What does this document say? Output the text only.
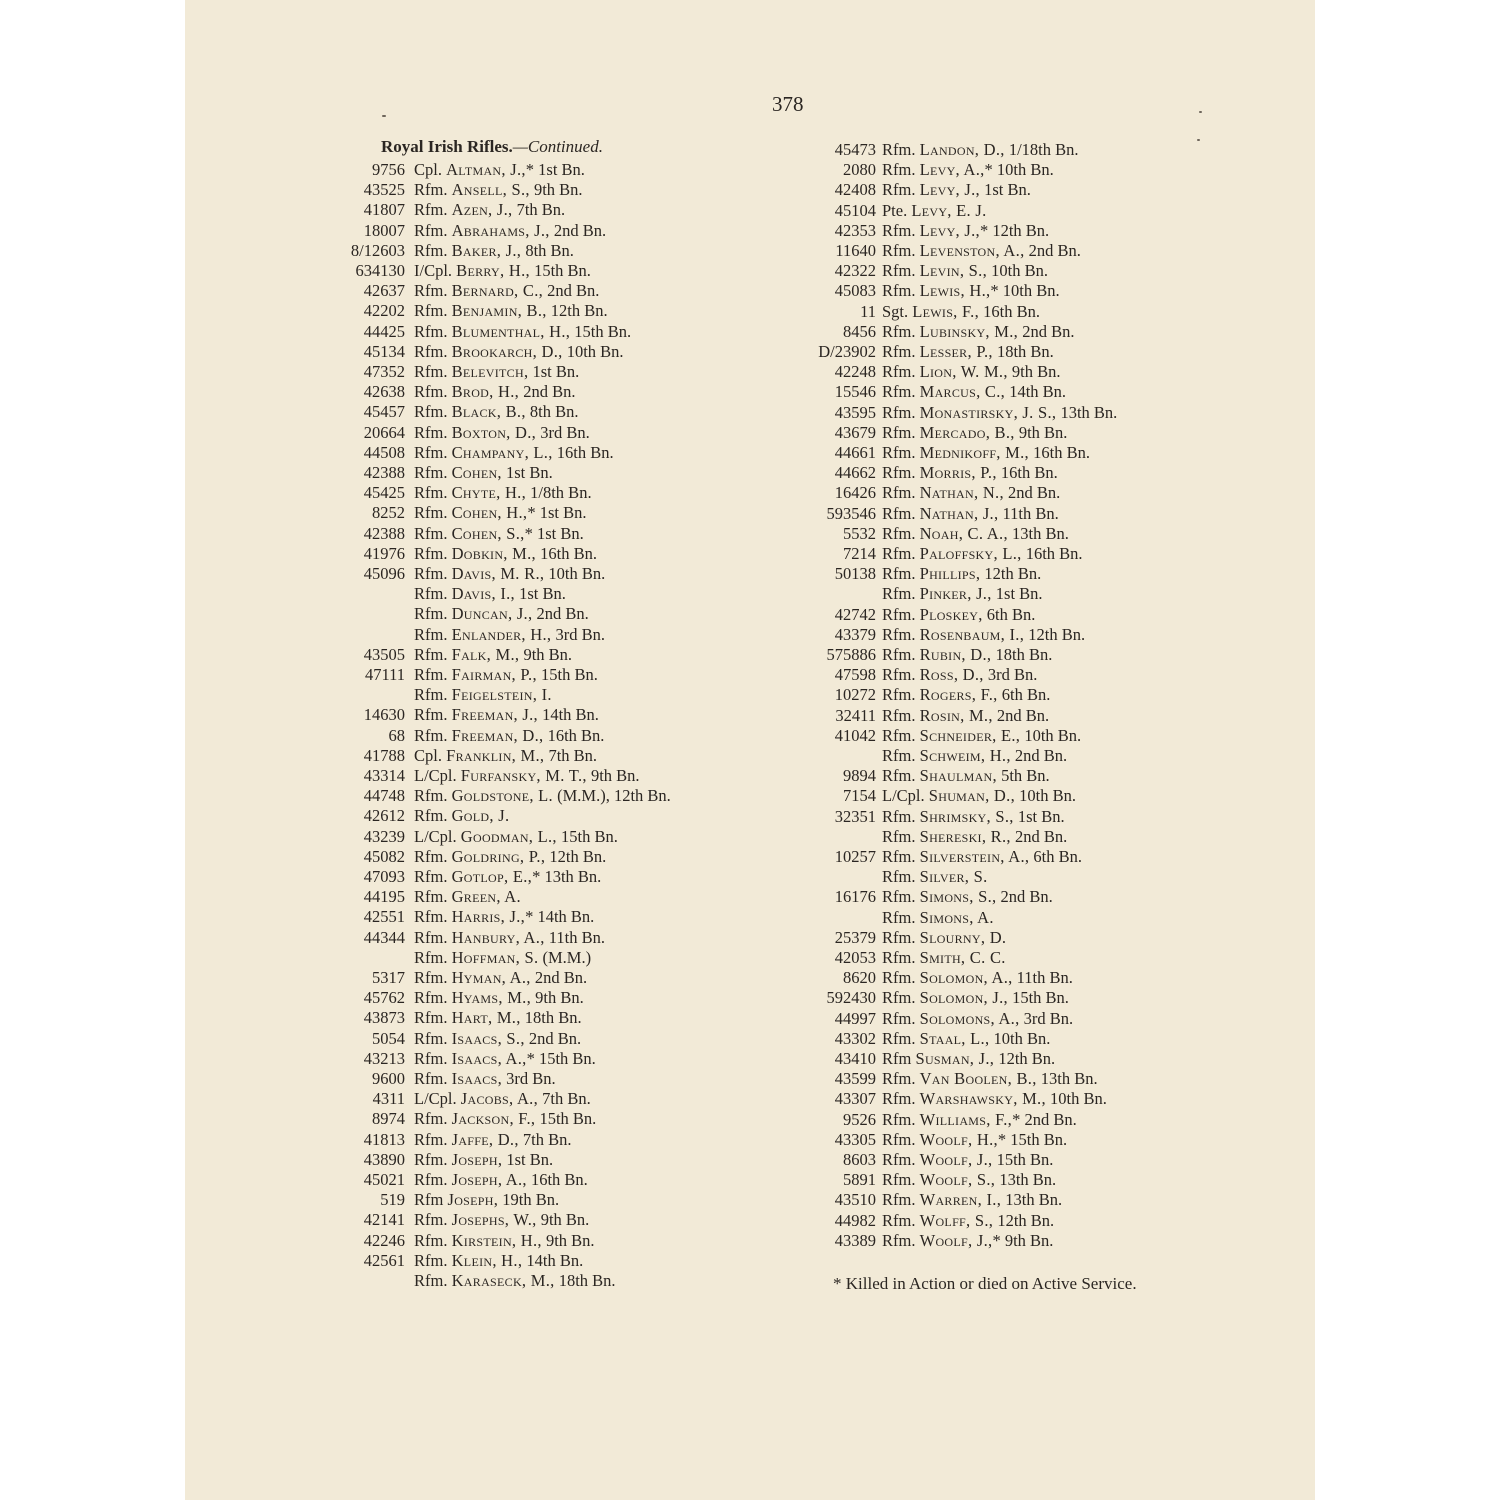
378
Royal Irish Rifles.—Continued.
9756 Cpl. Altman, J.,* 1st Bn.
43525 Rfm. Ansell, S., 9th Bn.
41807 Rfm. Azen, J., 7th Bn.
18007 Rfm. Abrahams, J., 2nd Bn.
8/12603 Rfm. Baker, J., 8th Bn.
634130 I/Cpl. Berry, H., 15th Bn.
42637 Rfm. Bernard, C., 2nd Bn.
42202 Rfm. Benjamin, B., 12th Bn.
44425 Rfm. Blumenthal, H., 15th Bn.
45134 Rfm. Brookarch, D., 10th Bn.
47352 Rfm. Belevitch, 1st Bn.
42638 Rfm. Brod, H., 2nd Bn.
45457 Rfm. Black, B., 8th Bn.
20664 Rfm. Boxton, D., 3rd Bn.
44508 Rfm. Champany, L., 16th Bn.
42388 Rfm. Cohen, 1st Bn.
45425 Rfm. Chyte, H., 1/8th Bn.
8252 Rfm. Cohen, H.,* 1st Bn.
42388 Rfm. Cohen, S.,* 1st Bn.
41976 Rfm. Dobkin, M., 16th Bn.
45096 Rfm. Davis, M. R., 10th Bn.
Rfm. Davis, I., 1st Bn.
Rfm. Duncan, J., 2nd Bn.
Rfm. Enlander, H., 3rd Bn.
43505 Rfm. Falk, M., 9th Bn.
47111 Rfm. Fairman, P., 15th Bn.
Rfm. Feigelstein, I.
14630 Rfm. Freeman, J., 14th Bn.
68 Rfm. Freeman, D., 16th Bn.
41788 Cpl. Franklin, M., 7th Bn.
43314 L/Cpl. Furfansky, M. T., 9th Bn.
44748 Rfm. Goldstone, L. (M.M.), 12th Bn.
42612 Rfm. Gold, J.
43239 L/Cpl. Goodman, L., 15th Bn.
45082 Rfm. Goldring, P., 12th Bn.
47093 Rfm. Gotlop, E.,* 13th Bn.
44195 Rfm. Green, A.
42551 Rfm. Harris, J.,* 14th Bn.
44344 Rfm. Hanbury, A., 11th Bn.
Rfm. Hoffman, S. (M.M.)
5317 Rfm. Hyman, A., 2nd Bn.
45762 Rfm. Hyams, M., 9th Bn.
43873 Rfm. Hart, M., 18th Bn.
5054 Rfm. Isaacs, S., 2nd Bn.
43213 Rfm. Isaacs, A.,* 15th Bn.
9600 Rfm. Isaacs, 3rd Bn.
4311 L/Cpl. Jacobs, A., 7th Bn.
8974 Rfm. Jackson, F., 15th Bn.
41813 Rfm. Jaffe, D., 7th Bn.
43890 Rfm. Joseph, 1st Bn.
45021 Rfm. Joseph, A., 16th Bn.
519 Rfm Joseph, 19th Bn.
42141 Rfm. Josephs, W., 9th Bn.
42246 Rfm. Kirstein, H., 9th Bn.
42561 Rfm. Klein, H., 14th Bn.
Rfm. Karaseck, M., 18th Bn.
45473 Rfm. Landon, D., 1/18th Bn.
2080 Rfm. Levy, A.,* 10th Bn.
42408 Rfm. Levy, J., 1st Bn.
45104 Pte. Levy, E. J.
42353 Rfm. Levy, J.,* 12th Bn.
11640 Rfm. Levenston, A., 2nd Bn.
42322 Rfm. Levin, S., 10th Bn.
45083 Rfm. Lewis, H.,* 10th Bn.
11 Sgt. Lewis, F., 16th Bn.
8456 Rfm. Lubinsky, M., 2nd Bn.
D/23902 Rfm. Lesser, P., 18th Bn.
42248 Rfm. Lion, W. M., 9th Bn.
15546 Rfm. Marcus, C., 14th Bn.
43595 Rfm. Monastirsky, J. S., 13th Bn.
43679 Rfm. Mercado, B., 9th Bn.
44661 Rfm. Mednikoff, M., 16th Bn.
44662 Rfm. Morris, P., 16th Bn.
16426 Rfm. Nathan, N., 2nd Bn.
593546 Rfm. Nathan, J., 11th Bn.
5532 Rfm. Noah, C. A., 13th Bn.
7214 Rfm. Paloffsky, L., 16th Bn.
50138 Rfm. Phillips, 12th Bn.
Rfm. Pinker, J., 1st Bn.
42742 Rfm. Ploskey, 6th Bn.
43379 Rfm. Rosenbaum, I., 12th Bn.
575886 Rfm. Rubin, D., 18th Bn.
47598 Rfm. Ross, D., 3rd Bn.
10272 Rfm. Rogers, F., 6th Bn.
32411 Rfm. Rosin, M., 2nd Bn.
41042 Rfm. Schneider, E., 10th Bn.
Rfm. Schweim, H., 2nd Bn.
9894 Rfm. Shaulman, 5th Bn.
7154 L/Cpl. Shuman, D., 10th Bn.
32351 Rfm. Shrimsky, S., 1st Bn.
Rfm. Shereski, R., 2nd Bn.
10257 Rfm. Silverstein, A., 6th Bn.
Rfm. Silver, S.
16176 Rfm. Simons, S., 2nd Bn.
Rfm. Simons, A.
25379 Rfm. Slourny, D.
42053 Rfm. Smith, C. C.
8620 Rfm. Solomon, A., 11th Bn.
592430 Rfm. Solomon, J., 15th Bn.
44997 Rfm. Solomons, A., 3rd Bn.
43302 Rfm. Staal, L., 10th Bn.
43410 Rfm Susman, J., 12th Bn.
43599 Rfm. Van Boolen, B., 13th Bn.
43307 Rfm. Warshawsky, M., 10th Bn.
9526 Rfm. Williams, F.,* 2nd Bn.
43305 Rfm. Woolf, H.,* 15th Bn.
8603 Rfm. Woolf, J., 15th Bn.
5891 Rfm. Woolf, S., 13th Bn.
43510 Rfm. Warren, I., 13th Bn.
44982 Rfm. Wolff, S., 12th Bn.
43389 Rfm. Woolf, J.,* 9th Bn.
* Killed in Action or died on Active Service.
